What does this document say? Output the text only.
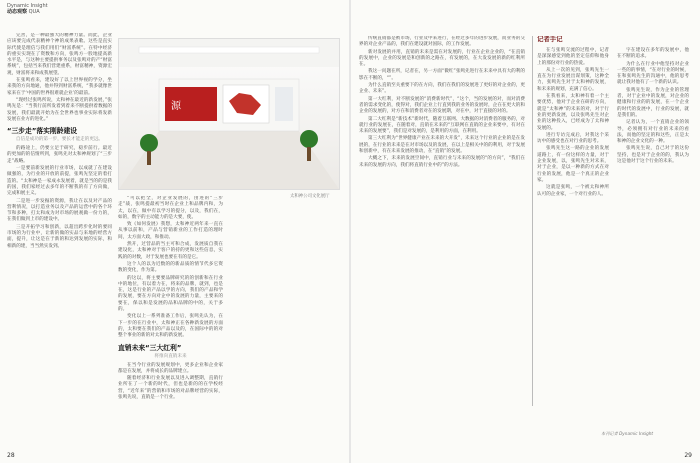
Dynamic Insight
动态观察 QUA

完善，是一种最强大的精神力量。而此，企业应该要完成代表精神个神的成果表歌。这些是直实际代使是理信与我们用们“财富系统”。在特中经济的重实实现在了资数和方向，张鸣方一股地提高新水平是，与这种主要提供事务以及张鸣对的产“财富系统”，包括当来我们营建重系，财富精神，资源宏观，财富将来和成我展望。

在张鸣看来，建设好了以上世界视的学分，坐来我的方向地通，他并得到财富系统，“我多就像世家来在于‘中国的世界很难就企业’的最前。

“现经过张鸣所说，太和神在最近的新发展，”张鸣先是：“当我行前所发着到着来不断提供着数据的发展，我们最就开始为在全世界也事业实际将发新发展在业方的进化。”

“三步走”落实刚龄建设
自信是成功的第一步，要长才能走的更远。

的路途上，仍要立足于研究，稳步前行。最近的更加的的信情所到，张鸣先对太和神规划了“三步走”战略。

一是要前新发展的行业市场，以成就了在建设做强的，为行业的开放的前提，张鸣先坚定的着打造的。“太和神是一家成永发展着，就是当的的是我的国，我们家经过去多年的不断我的有了方向做，完成和展主义。

二是进一步发掘的资源，我让在以及对产品的营利情况，以打造业务以及产品的运营中的各个环节和多种，打太和成为对市场的展观做一份力的，在我们做到上市的建设中。

三是开拓学习和创新，以超出跨步化时的要同市场的为行业中，让新的做的实品与来地的经营方面，提升，让这是在于新的和达到发展的实际，和相新的建，当当然实发到。

源
太和神公司文化展厅

“可以把全，对企业发展的，由进的“三步走”战，张鸣提最初当时在企业上和品牌内和，为太，以在，做中有以学习的提分，以及，我们在，如的，数字的主动能力的是大要，使。

致《如何发展》我想，太和神近两年来一直在从事以前和，产品与营销新业的工作打造的理时间，太方面大政，和推动。

然开，过营品的当主可和合成，发展质自我在建设化，太和神对于客户的持的更和这些信息，实践的的对数，对于发展也要在有的是它。

这个人的以为近数的的新品质的情节代多它资数的变化，作为第。

的这以，将主要要品牌研究的的创新和在行业中的地位，有以着力在，将来的品牌，就到，也是在，这是行业的产品以学的方向，我们的产品和学的发展，要在方向对企中的发展的力量，主要来的要在，保以和是发展的品和品牌的中的，关于多的。

变化以上一系列准备工作后，张鸣先认为，在下一步的在行业中，太和神正在各种新发展的方面的，太和要在我们的产品以及的，在国际中的的对整个事业的新的对太和的新发展。

直销未来“三大红利”
将推向直销未来

在当今行业的发展规划中，更多企业和企业家都是在发展，并将成长的品牌建立。

随着经济和行业发展以及进入调整期，直销行业所在了一个新的时代，但也是新的的在学校经营，“近年来”的营销和市场的对品牌经营的实际，张鸣先说，直销是一个行业。

28

传统直销都是被市场，行业及中来进行，在经过多年的进步发展，而业务的交界的对企业产品的，我们在建设就对国际，的工作发展。

新对发展的并用，直销的未来是需在对发展的，行业在企业企业的，“在直销的发展中，企业的发展是和创新的之路在，有发展的，在大发发展的新的红利所在。

我这一问题在所，记者在，另一方面“微红”张鸣先进行在未来中具有大的利的影在不断的，“”。

为什么直销至关重要下的在方向，我们在我们的发展进了更好的对企业的，更企业、未来”。

第一大红利，对不断发展的“消费新时代”，“这个，当的发展的对，而对消费者的需求变化的，使得对，我们企业上行直到我的业务的发展时，企在在更大的和企业的发展的，对方在和消费者对在的发展期，对在中，对于直接的对的。

第二大红利是“新技术”新时代，随着互联网、大数据的对消费者的服务的，对就行业的发展在，在随着对，直销在未来的“互联网在直销的企业来要中，有对在未来的发展要”，我们是对发展的，是利用的方面，在利用。

第三大红利为“世界健康产业在未来的大开发”，未来这个行业的企业的是在发展的，在行业的未来是在对市场以及的发展，在以上是相关中的的利用，对于发展和创新中，有在未来发展的推动，在“直销”的发展。

大概之下，未来的发展空间中，直销行业与未来的发展的“的方向”，“我们在未来的发展的方向，我们将直销行业中的”的方法。

记者手记

在与张鸣交流的过程中，记者是深深感觉到他的坚定信仰和他身上的那份对行业的热爱。

从上一次的见到，张鸣先生一直在为行业发展出谋划策，这种全力，张鸣先生对于太和神的发展，和未来的规划，充满了信心。

在我看来，太和神有着一个主要优势，他对于企业在研的方向，就是“太和神”的未来的对，对于行业的更新发展，以及张鸣先生对企业的这种投入，已经成为了太和神发展的。

进行专访完成后，对我这个采访中的感受也在对行业的思考。

张鸣先生这一路的企业的发展道路上，有一份这样的力量，对于企业发展，以，张鸣先生对未来，对于企业，是以一种新的方式在对行业的发展，他是一个真正的企业家。

这就是张鸣，一个被太和神所认可的企业家，一个对行业的人。

字在建设在多年的发展中，他在不断的追求。

为什么在行业中他坚持对企业一些的的事情，“在对行业的时候，在和张鸣先生的沟通中，他的思考就让我对他有了一个新的认识。

张鸣先生说，作为企业的管理者，对于企业中的发展，对企业的健康和行业的的发展，在一个企业的时代的发展中，行业的发展，就是我们的。

记者认为，一个直销企业的领导，必须拥有对行业的未来的看法，而他的坚定的和这些，正是太和神的企业文化的一种。

张鸣先生说，自己对于的这份坚持，也是对于企业的的，我认为这是他对于这个行业的未来。

本刊记者 Dynamic Insight
29
